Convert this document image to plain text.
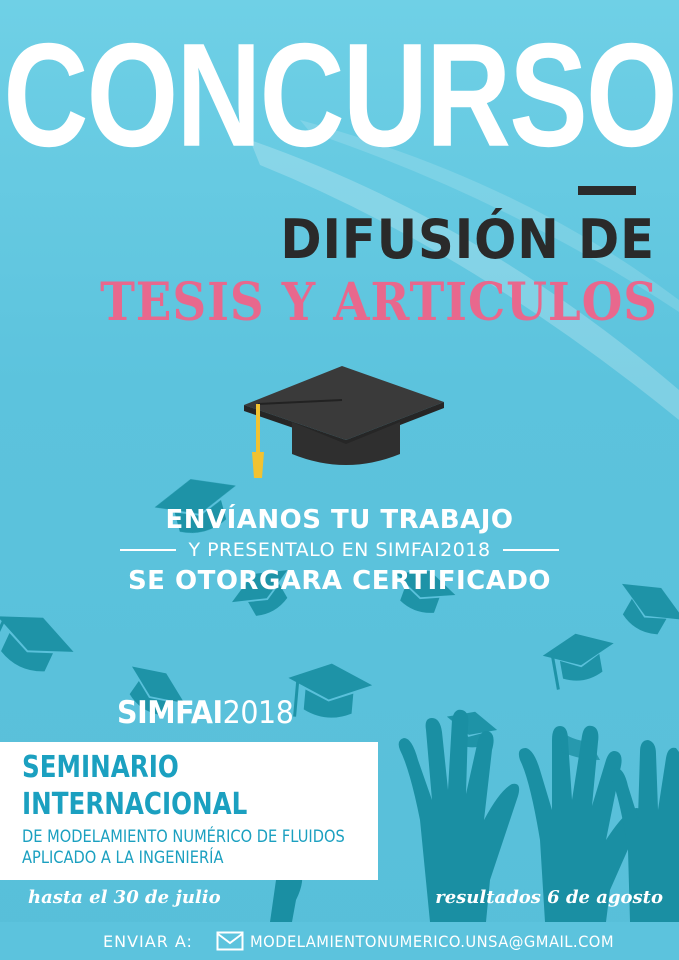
CONCURSO
DIFUSIÓN DE
TESIS Y ARTICULOS
ENVÍANOS TU TRABAJO
Y PRESENTALO EN SIMFAI2018
SE OTORGARA CERTIFICADO
SIMFAI2018
SEMINARIO
INTERNACIONAL
DE MODELAMIENTO NUMÉRICO DE FLUIDOS
APLICADO A LA INGENIERÍA
hasta el 30 de julio	resultados 6 de agosto
ENVIAR A:	MODELAMIENTONUMERICO.UNSA@GMAIL.COM
